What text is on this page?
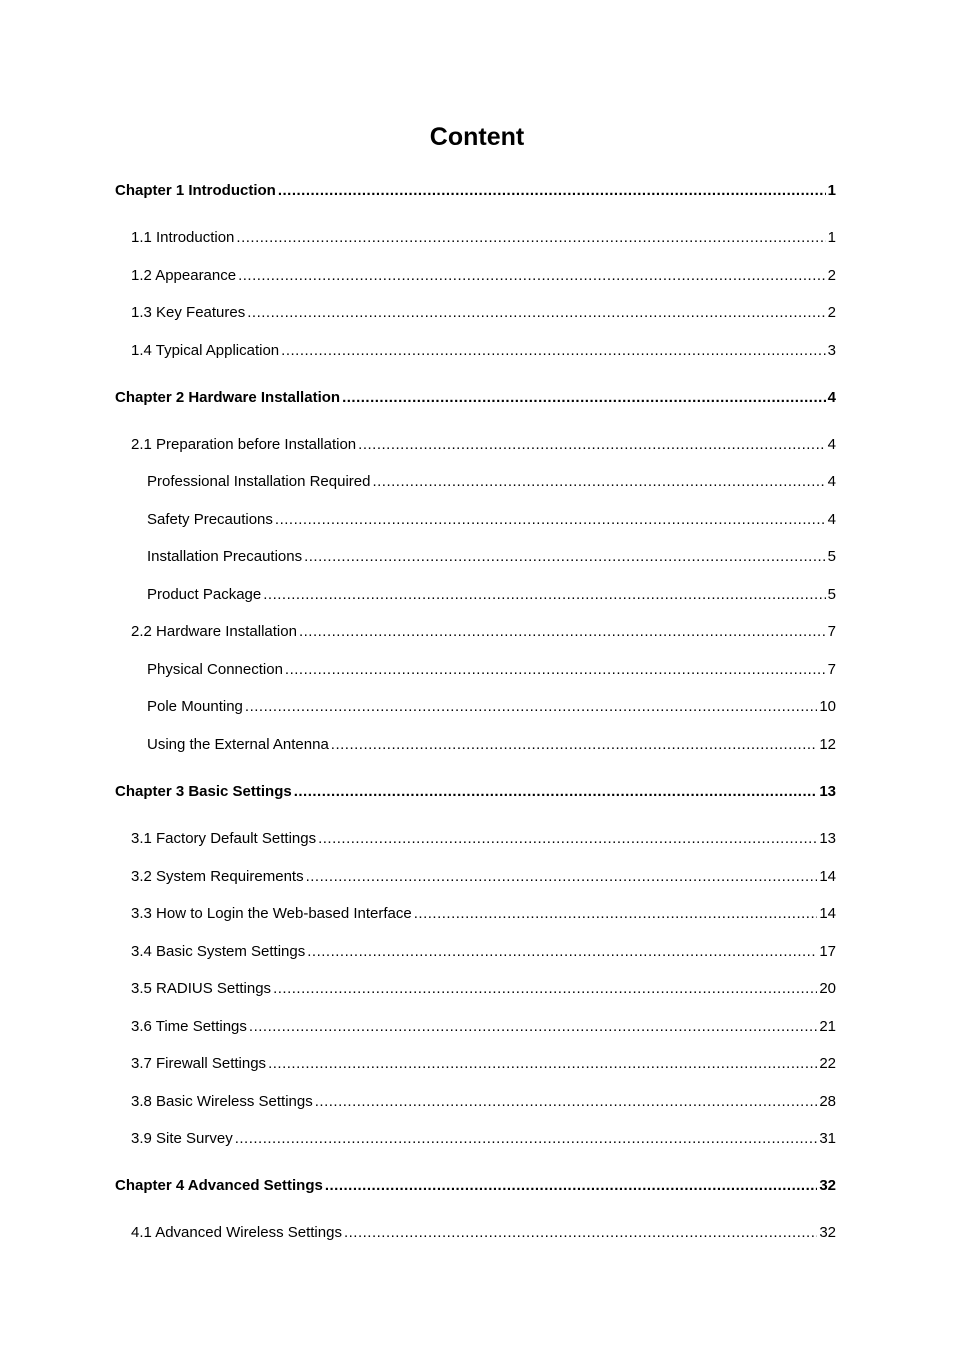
Content
Chapter 1 Introduction .....	1
1.1 Introduction .....	1
1.2 Appearance .....	2
1.3 Key Features .....	2
1.4 Typical Application .....	3
Chapter 2 Hardware Installation .....	4
2.1 Preparation before Installation .....	4
Professional Installation Required .....	4
Safety Precautions .....	4
Installation Precautions .....	5
Product Package .....	5
2.2 Hardware Installation .....	7
Physical Connection .....	7
Pole Mounting .....	10
Using the External Antenna .....	12
Chapter 3 Basic Settings .....	13
3.1 Factory Default Settings .....	13
3.2 System Requirements .....	14
3.3 How to Login the Web-based Interface .....	14
3.4 Basic System Settings .....	17
3.5 RADIUS Settings .....	20
3.6 Time Settings .....	21
3.7 Firewall Settings .....	22
3.8 Basic Wireless Settings .....	28
3.9 Site Survey .....	31
Chapter 4 Advanced Settings .....	32
4.1 Advanced Wireless Settings .....	32
